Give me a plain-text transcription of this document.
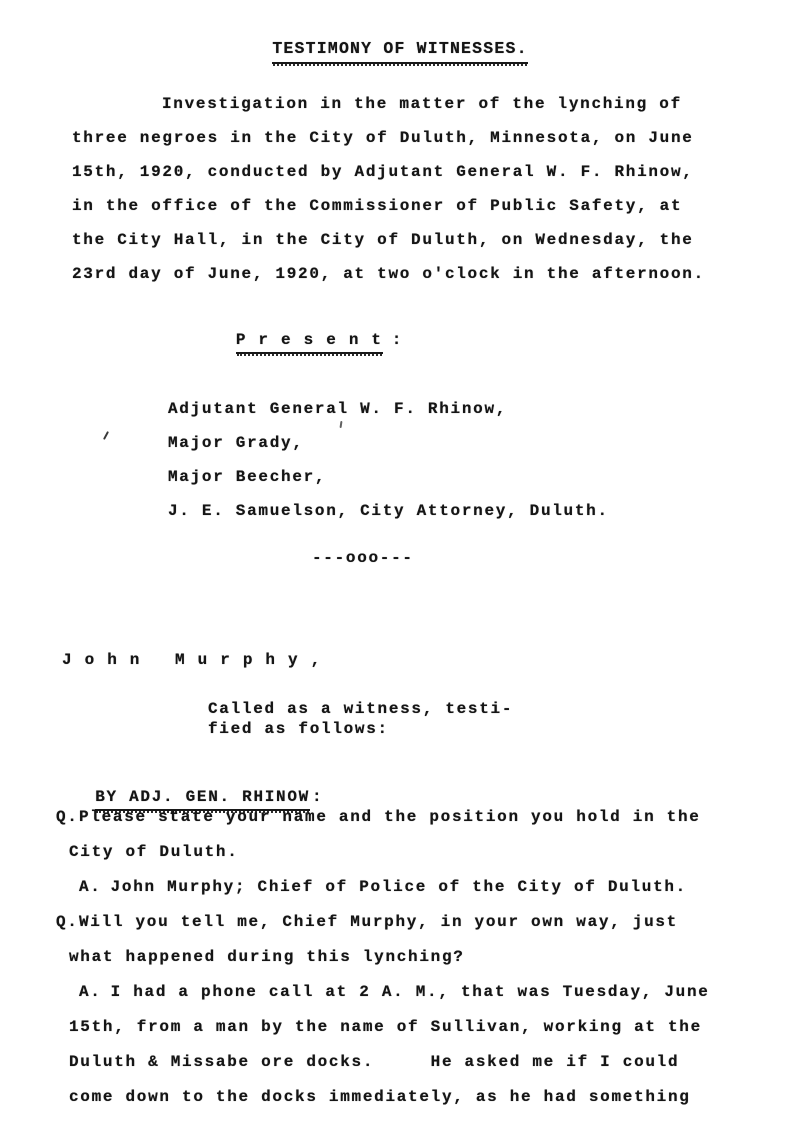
TESTIMONY OF WITNESSES.
Investigation in the matter of the lynching of
three negroes in the City of Duluth, Minnesota, on June
15th, 1920, conducted by Adjutant General W. F. Rhinow,
in the office of the Commissioner of Public Safety, at
the City Hall, in the City of Duluth, on Wednesday, the
23rd day of June, 1920, at two o'clock in the afternoon.

P r e s e n t :

Adjutant General W. F. Rhinow,
Major Grady,
Major Beecher,
J. E. Samuelson, City Attorney, Duluth.
---ooo---
J o h n   M u r p h y ,
Called as a witness, testi-
fied as follows:

BY ADJ. GEN. RHINOW :

Q. Please state your name and the position you hold in the
City of Duluth.
A. John Murphy; Chief of Police of the City of Duluth.
Q. Will you tell me, Chief Murphy, in your own way, just
what happened during this lynching?
A. I had a phone call at 2 A. M., that was Tuesday, June
15th, from a man by the name of Sullivan, working at the
Duluth & Missabe ore docks.     He asked me if I could
come down to the docks immediately, as he had something
